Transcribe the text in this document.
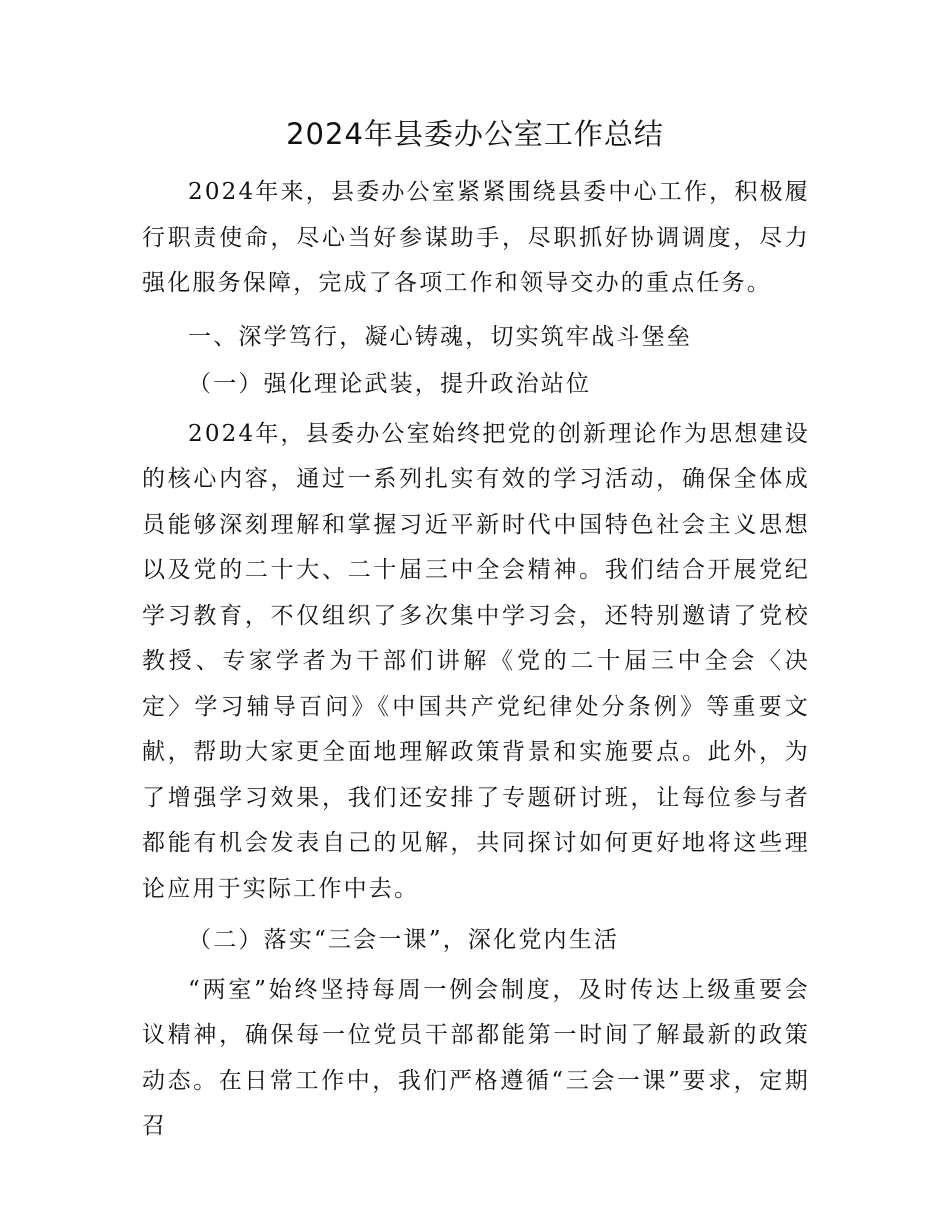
2024年县委办公室工作总结

2024年来，县委办公室紧紧围绕县委中心工作，积极履行职责使命，尽心当好参谋助手，尽职抓好协调调度，尽力强化服务保障，完成了各项工作和领导交办的重点任务。

一、深学笃行，凝心铸魂，切实筑牢战斗堡垒

（一）强化理论武装，提升政治站位

2024年，县委办公室始终把党的创新理论作为思想建设的核心内容，通过一系列扎实有效的学习活动，确保全体成员能够深刻理解和掌握习近平新时代中国特色社会主义思想以及党的二十大、二十届三中全会精神。我们结合开展党纪学习教育，不仅组织了多次集中学习会，还特别邀请了党校教授、专家学者为干部们讲解《党的二十届三中全会〈决定〉学习辅导百问》《中国共产党纪律处分条例》等重要文献，帮助大家更全面地理解政策背景和实施要点。此外，为了增强学习效果，我们还安排了专题研讨班，让每位参与者都能有机会发表自己的见解，共同探讨如何更好地将这些理论应用于实际工作中去。

（二）落实“三会一课”，深化党内生活

“两室”始终坚持每周一例会制度，及时传达上级重要会议精神，确保每一位党员干部都能第一时间了解最新的政策动态。在日常工作中，我们严格遵循“三会一课”要求，定期召
